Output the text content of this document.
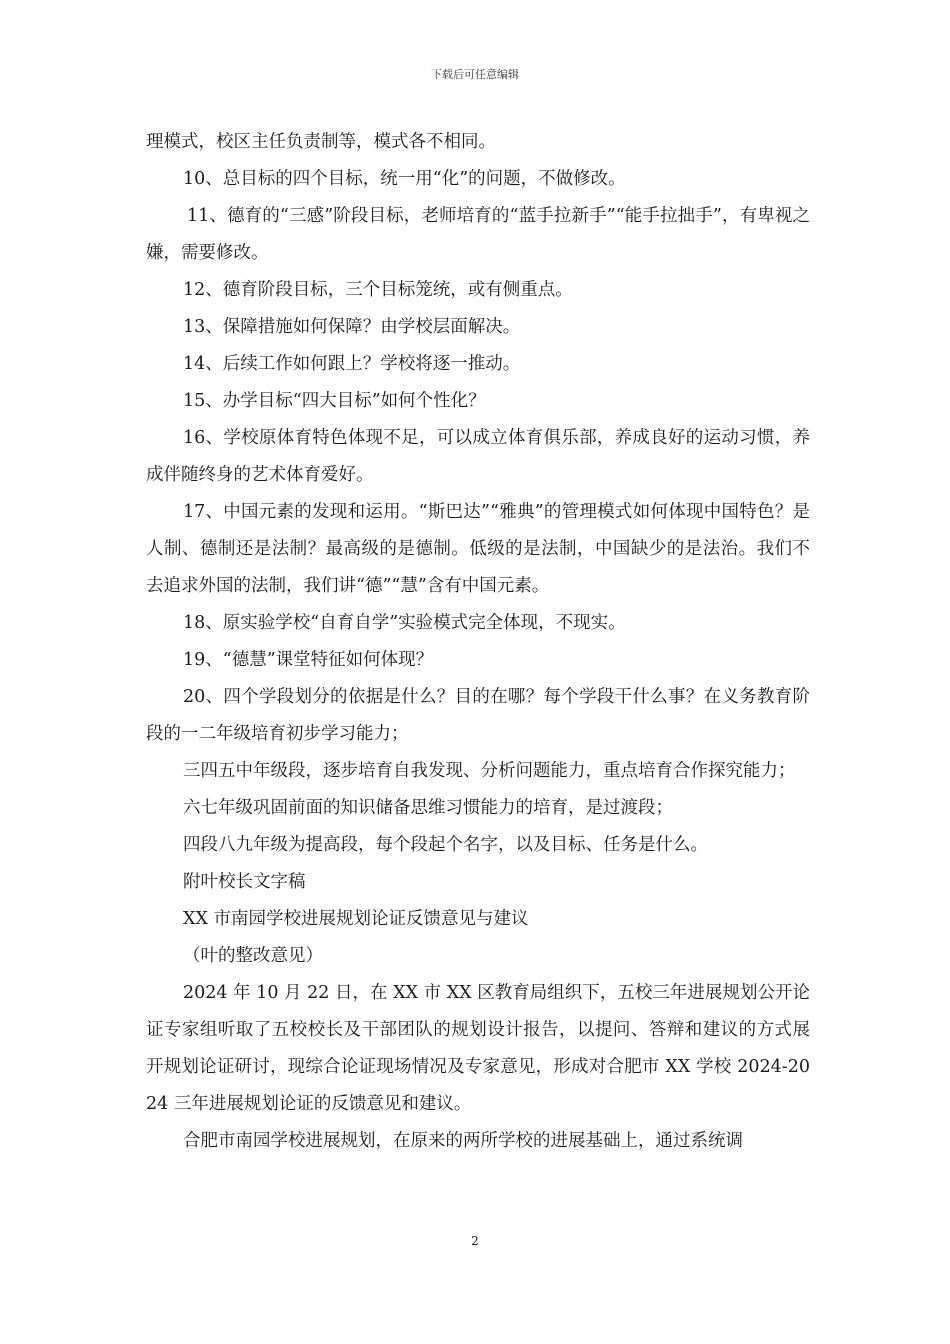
下载后可任意编辑

理模式，校区主任负责制等，模式各不相同。

10、总目标的四个目标，统一用“化”的问题，不做修改。

11、德育的“三感”阶段目标，老师培育的“蓝手拉新手”“能手拉拙手”，有卑视之嫌，需要修改。

12、德育阶段目标，三个目标笼统，或有侧重点。

13、保障措施如何保障？由学校层面解决。

14、后续工作如何跟上？学校将逐一推动。

15、办学目标“四大目标”如何个性化？

16、学校原体育特色体现不足，可以成立体育俱乐部，养成良好的运动习惯，养成伴随终身的艺术体育爱好。

17、中国元素的发现和运用。“斯巴达”“雅典”的管理模式如何体现中国特色？是人制、德制还是法制？最高级的是德制。低级的是法制，中国缺少的是法治。我们不去追求外国的法制，我们讲“德”“慧”含有中国元素。

18、原实验学校“自育自学”实验模式完全体现，不现实。

19、“德慧”课堂特征如何体现？

20、四个学段划分的依据是什么？目的在哪？每个学段干什么事？在义务教育阶段的一二年级培育初步学习能力；

三四五中年级段，逐步培育自我发现、分析问题能力，重点培育合作探究能力；

六七年级巩固前面的知识储备思维习惯能力的培育，是过渡段；

四段八九年级为提高段，每个段起个名字，以及目标、任务是什么。

附叶校长文字稿

XX 市南园学校进展规划论证反馈意见与建议

（叶的整改意见）

2024 年 10 月 22 日，在 XX 市 XX 区教育局组织下，五校三年进展规划公开论证专家组听取了五校校长及干部团队的规划设计报告，以提问、答辩和建议的方式展开规划论证研讨，现综合论证现场情况及专家意见，形成对合肥市 XX 学校 2024-2024 三年进展规划论证的反馈意见和建议。

合肥市南园学校进展规划，在原来的两所学校的进展基础上，通过系统调

2
